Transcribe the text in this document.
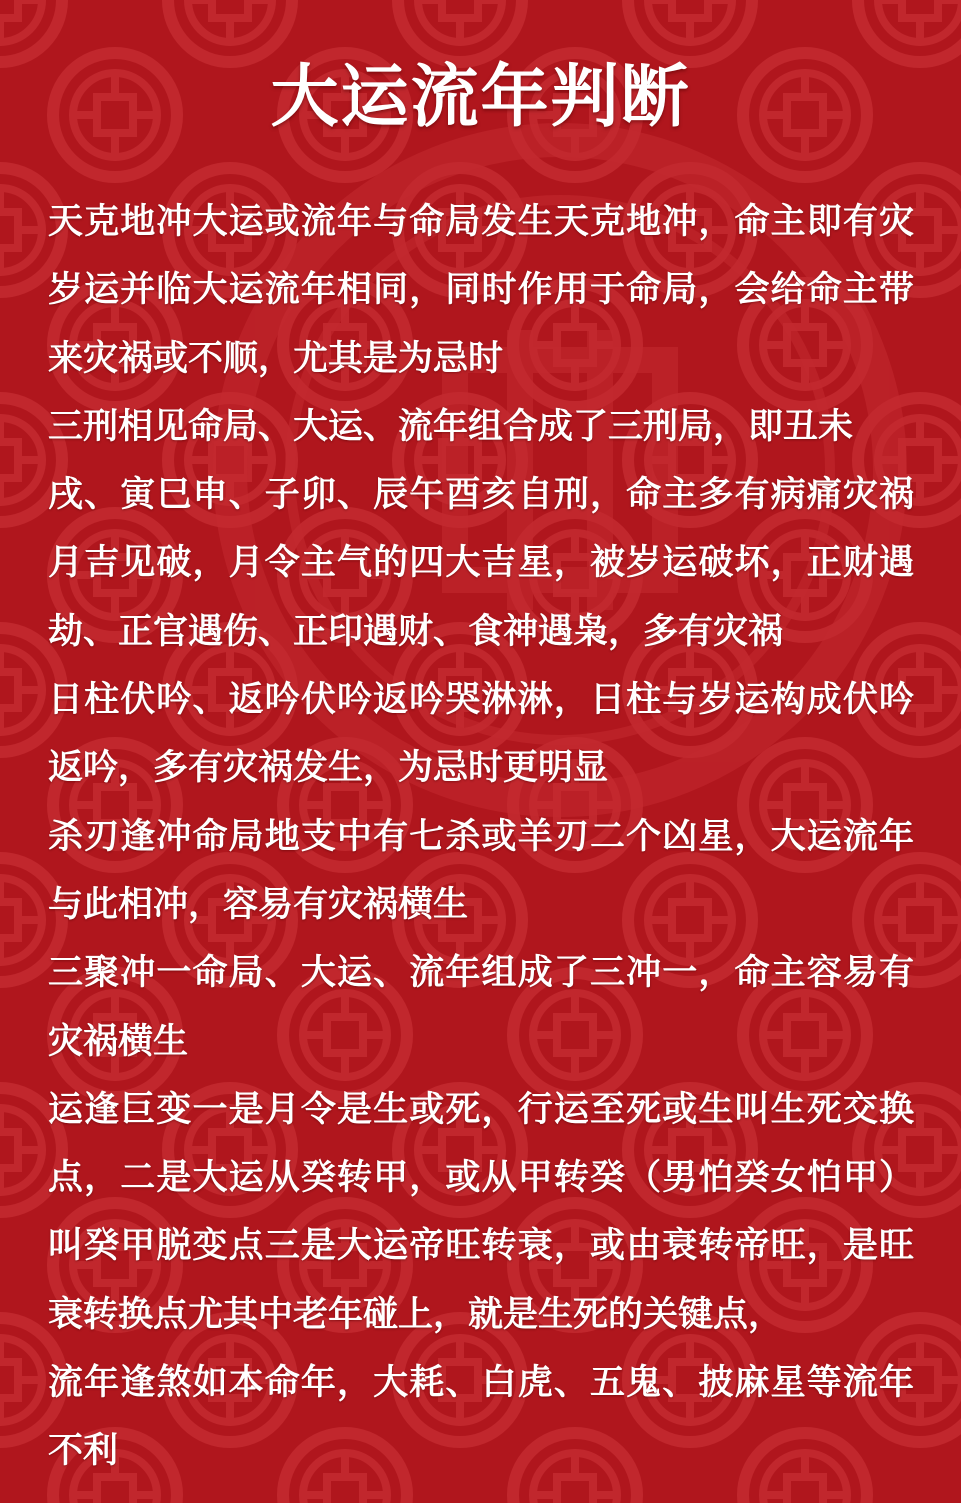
大运流年判断
天克地冲大运或流年与命局发生天克地冲，命主即有灾
岁运并临大运流年相同，同时作用于命局，会给命主带
来灾祸或不顺，尤其是为忌时
三刑相见命局、大运、流年组合成了三刑局，即丑未
戌、寅巳申、子卯、辰午酉亥自刑，命主多有病痛灾祸
月吉见破，月令主气的四大吉星，被岁运破坏，正财遇
劫、正官遇伤、正印遇财、食神遇枭，多有灾祸
日柱伏吟、返吟伏吟返吟哭淋淋，日柱与岁运构成伏吟
返吟，多有灾祸发生，为忌时更明显
杀刃逢冲命局地支中有七杀或羊刃二个凶星，大运流年
与此相冲，容易有灾祸横生
三聚冲一命局、大运、流年组成了三冲一，命主容易有
灾祸横生
运逢巨变一是月令是生或死，行运至死或生叫生死交换
点，二是大运从癸转甲，或从甲转癸（男怕癸女怕甲）
叫癸甲脱变点三是大运帝旺转衰，或由衰转帝旺，是旺
衰转换点尤其中老年碰上，就是生死的关键点，
流年逢煞如本命年，大耗、白虎、五鬼、披麻星等流年
不利
